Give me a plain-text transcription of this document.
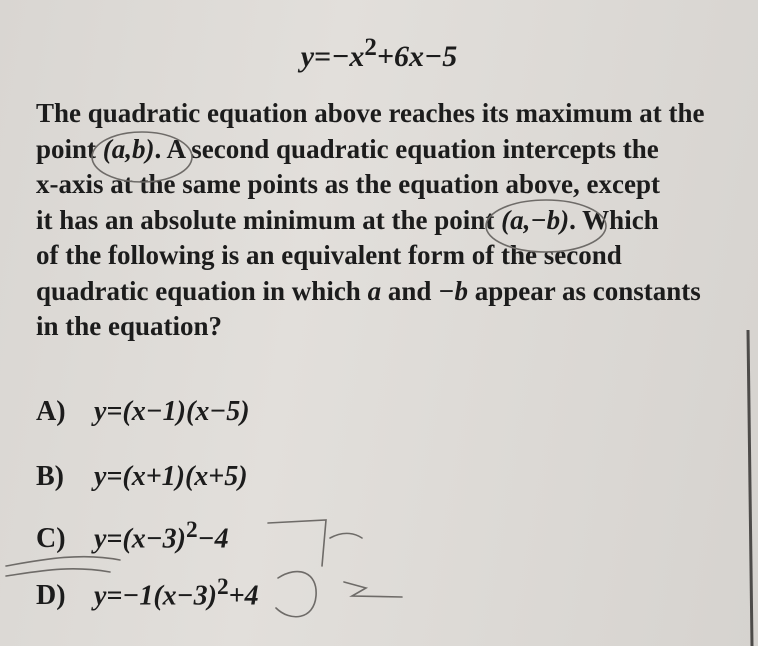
$y=-x^2+6x-5$
The quadratic equation above reaches its maximum at the
point (a,b). A second quadratic equation intercepts the
x-axis at the same points as the equation above, except
it has an absolute minimum at the point (a,−b). Which
of the following is an equivalent form of the second
quadratic equation in which a and −b appear as constants
in the equation?
A) y=(x−1)(x−5)
B) y=(x+1)(x+5)
C) $y=(x-3)^2-4$
D) $y=-1(x-3)^2+4$
